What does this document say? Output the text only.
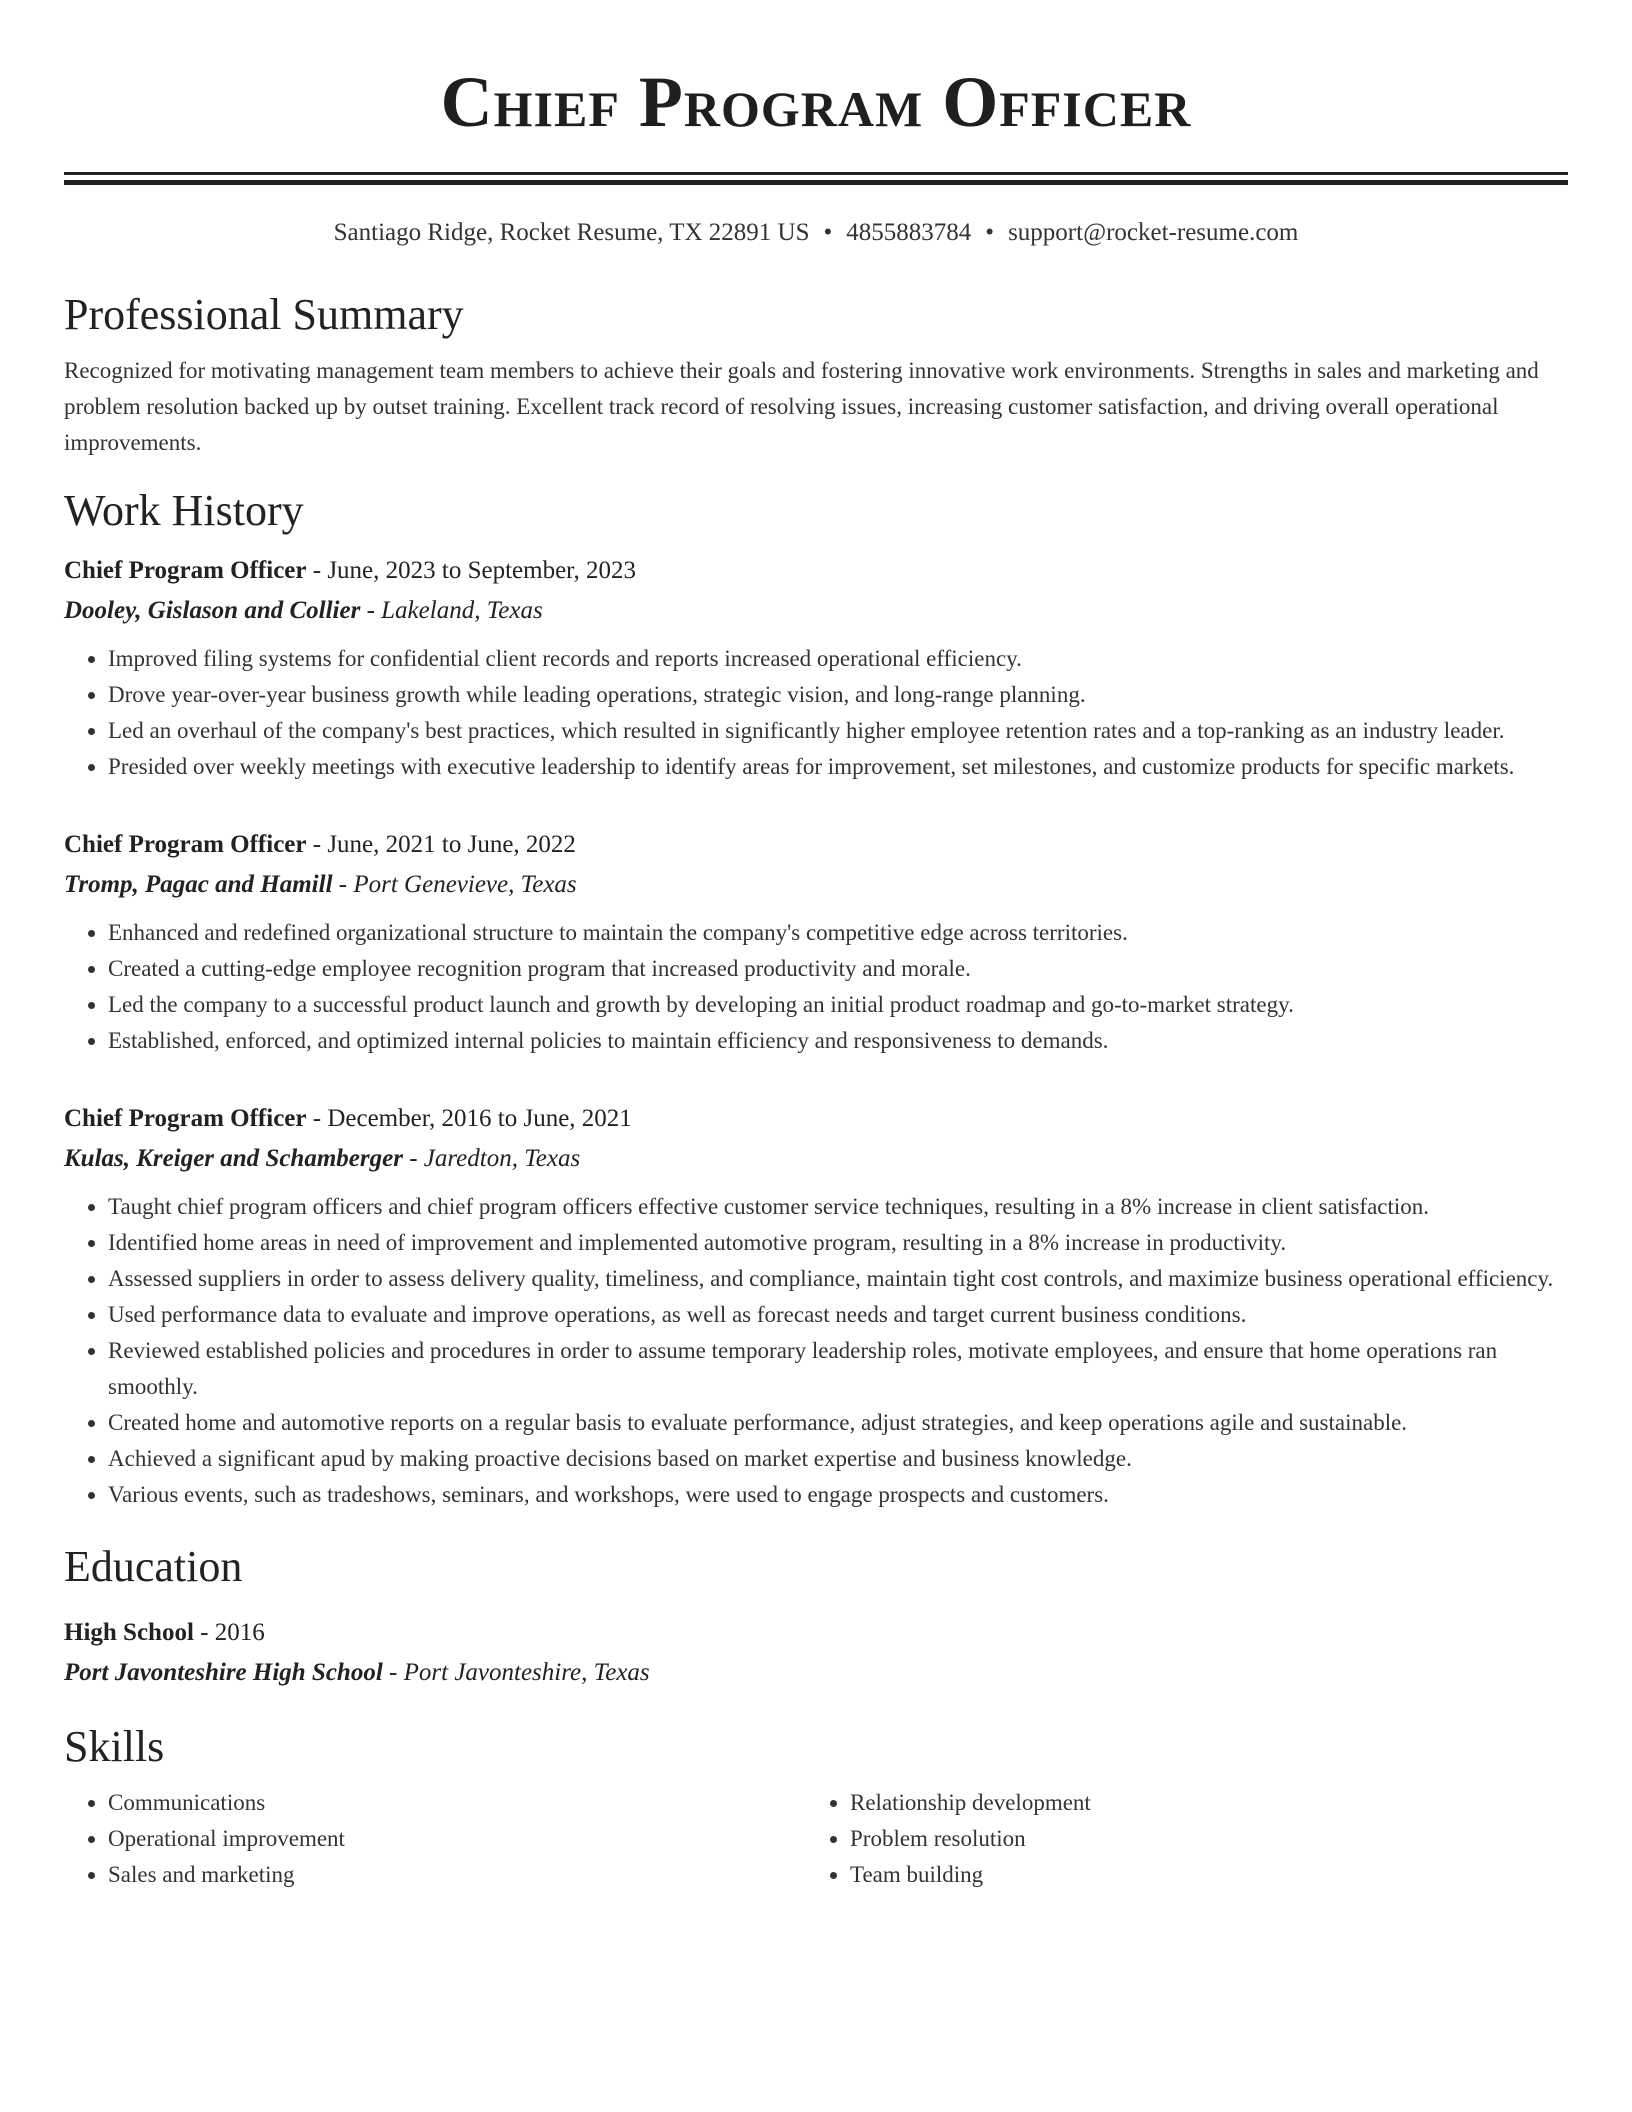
Chief Program Officer
Santiago Ridge, Rocket Resume, TX 22891 US • 4855883784 • support@rocket-resume.com
Professional Summary
Recognized for motivating management team members to achieve their goals and fostering innovative work environments. Strengths in sales and marketing and problem resolution backed up by outset training. Excellent track record of resolving issues, increasing customer satisfaction, and driving overall operational improvements.
Work History
Chief Program Officer - June, 2023 to September, 2023
Dooley, Gislason and Collier - Lakeland, Texas
• Improved filing systems for confidential client records and reports increased operational efficiency.
• Drove year-over-year business growth while leading operations, strategic vision, and long-range planning.
• Led an overhaul of the company's best practices, which resulted in significantly higher employee retention rates and a top-ranking as an industry leader.
• Presided over weekly meetings with executive leadership to identify areas for improvement, set milestones, and customize products for specific markets.
Chief Program Officer - June, 2021 to June, 2022
Tromp, Pagac and Hamill - Port Genevieve, Texas
• Enhanced and redefined organizational structure to maintain the company's competitive edge across territories.
• Created a cutting-edge employee recognition program that increased productivity and morale.
• Led the company to a successful product launch and growth by developing an initial product roadmap and go-to-market strategy.
• Established, enforced, and optimized internal policies to maintain efficiency and responsiveness to demands.
Chief Program Officer - December, 2016 to June, 2021
Kulas, Kreiger and Schamberger - Jaredton, Texas
• Taught chief program officers and chief program officers effective customer service techniques, resulting in a 8% increase in client satisfaction.
• Identified home areas in need of improvement and implemented automotive program, resulting in a 8% increase in productivity.
• Assessed suppliers in order to assess delivery quality, timeliness, and compliance, maintain tight cost controls, and maximize business operational efficiency.
• Used performance data to evaluate and improve operations, as well as forecast needs and target current business conditions.
• Reviewed established policies and procedures in order to assume temporary leadership roles, motivate employees, and ensure that home operations ran smoothly.
• Created home and automotive reports on a regular basis to evaluate performance, adjust strategies, and keep operations agile and sustainable.
• Achieved a significant apud by making proactive decisions based on market expertise and business knowledge.
• Various events, such as tradeshows, seminars, and workshops, were used to engage prospects and customers.
Education
High School - 2016
Port Javonteshire High School - Port Javonteshire, Texas
Skills
• Communications
• Operational improvement
• Sales and marketing
• Relationship development
• Problem resolution
• Team building
